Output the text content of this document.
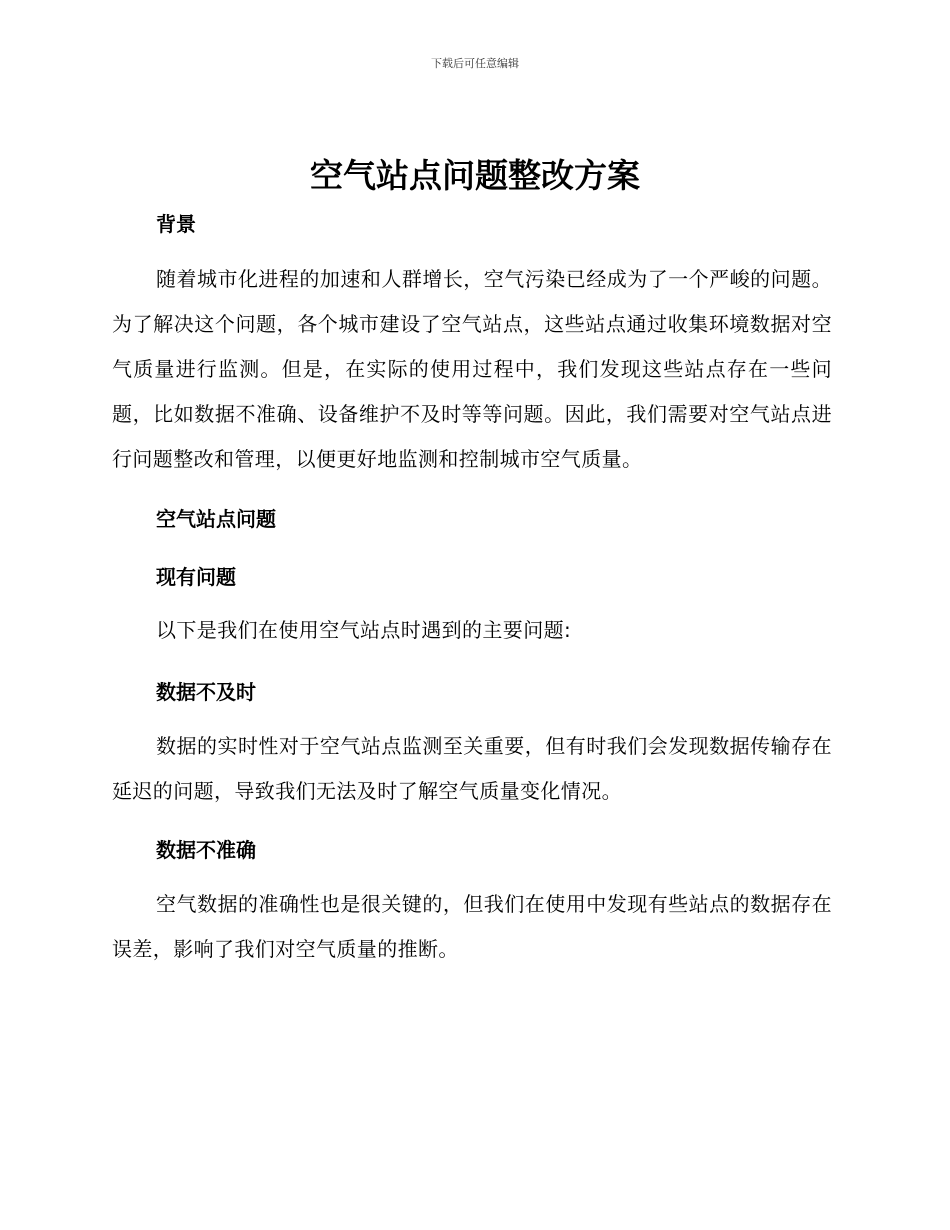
下载后可任意编辑
空气站点问题整改方案
背景
随着城市化进程的加速和人群增长，空气污染已经成为了一个严峻的问题。为了解决这个问题，各个城市建设了空气站点，这些站点通过收集环境数据对空气质量进行监测。但是，在实际的使用过程中，我们发现这些站点存在一些问题，比如数据不准确、设备维护不及时等等问题。因此，我们需要对空气站点进行问题整改和管理，以便更好地监测和控制城市空气质量。
空气站点问题
现有问题
以下是我们在使用空气站点时遇到的主要问题:
数据不及时
数据的实时性对于空气站点监测至关重要，但有时我们会发现数据传输存在延迟的问题，导致我们无法及时了解空气质量变化情况。
数据不准确
空气数据的准确性也是很关键的，但我们在使用中发现有些站点的数据存在误差，影响了我们对空气质量的推断。
